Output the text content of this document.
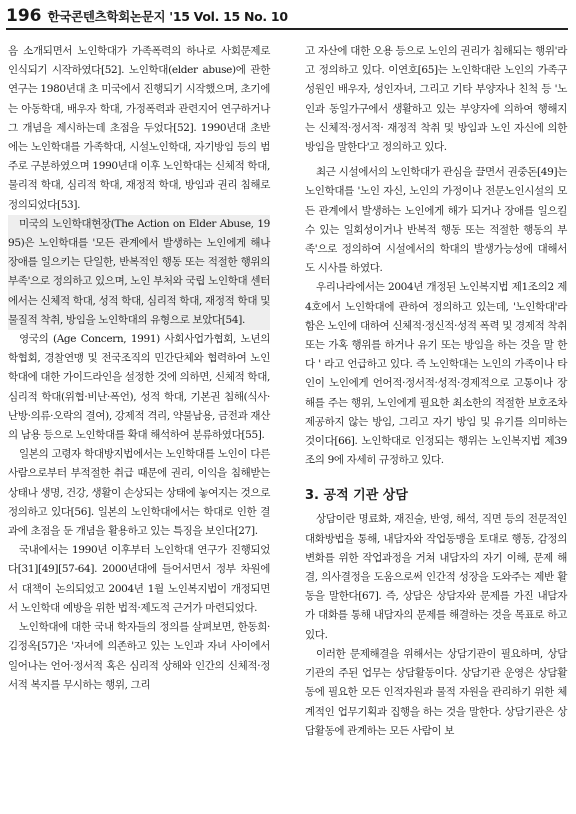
196 한국콘텐츠학회논문지 '15 Vol. 15 No. 10

음 소개되면서 노인학대가 가족폭력의 하나로 사회문제로 인식되기 시작하였다[52]. 노인학대(elder abuse)에 관한 연구는 1980년대 초 미국에서 진행되기 시작했으며, 초기에는 아동학대, 배우자 학대, 가정폭력과 관련지어 연구하거나 그 개념을 제시하는데 초점을 두었다[52]. 1990년대 초반에는 노인학대를 가족학대, 시설노인학대, 자기방임 등의 범주로 구분하였으며 1990년대 이후 노인학대는 신체적 학대, 물리적 학대, 심리적 학대, 재정적 학대, 방임과 권리 침해로 정의되었다[53].

미국의 노인학대현장(The Action on Elder Abuse, 1995)은 노인학대를 '모든 관계에서 발생하는 노인에게 해나 장애를 일으키는 단일한, 반복적인 행동 또는 적절한 행위의 부족'으로 정의하고 있으며, 노인 부처와 국립 노인학대 센터에서는 신체적 학대, 성적 학대, 심리적 학대, 재정적 학대 및 물질적 착취, 방임을 노인학대의 유형으로 보았다[54].

영국의 (Age Concern, 1991) 사회사업가협회, 노년의학협회, 경찰연맹 및 전국조직의 민간단체와 협력하여 노인학대에 대한 가이드라인을 설정한 것에 의하면, 신체적 학대, 심리적 학대(위협·비난·폭언), 성적 학대, 기본권 침해(식사·난방·의류·오락의 결여), 강제적 격리, 약물남용, 금전과 재산의 남용 등으로 노인학대를 확대 해석하여 분류하였다[55].

일본의 고령자 학대방지법에서는 노인학대를 노인이 다른 사람으로부터 부적절한 취급 때문에 권리, 이익을 침해받는 상태나 생명, 건강, 생활이 손상되는 상태에 놓여지는 것으로 정의하고 있다[56]. 일본의 노인학대에서는 학대로 인한 결과에 초점을 둔 개념을 활용하고 있는 특징을 보인다[27].

국내에서는 1990년 이후부터 노인학대 연구가 진행되었다[31][49][57-64]. 2000년대에 들어서면서 정부 차원에서 대책이 논의되었고 2004년 1월 노인복지법이 개정되면서 노인학대 예방을 위한 법적·제도적 근거가 마련되었다.

노인학대에 대한 국내 학자들의 정의를 살펴보면, 한동희·김정옥[57]은 '자녀에 의존하고 있는 노인과 자녀 사이에서 일어나는 언어·정서적 혹은 심리적 상해와 인간의 신체적·정서적 복지를 무시하는 행위, 그리

고 자산에 대한 오용 등으로 노인의 권리가 침해되는 행위'라고 정의하고 있다. 이연호[65]는 노인학대란 노인의 가족구성원인 배우자, 성인자녀, 그리고 기타 부양자나 친척 등 '노인과 동일가구에서 생활하고 있는 부양자에 의하여 행해지는 신체적·정서적· 재정적 착취 및 방임과 노인 자신에 의한 방임을 말한다'고 정의하고 있다.

최근 시설에서의 노인학대가 관심을 끌면서 권중돈[49]는 노인학대를 '노인 자신, 노인의 가정이나 전문노인시설의 모든 관계에서 발생하는 노인에게 해가 되거나 장애를 일으킬 수 있는 일회성이거나 반복적 행동 또는 적절한 행동의 부족'으로 정의하여 시설에서의 학대의 발생가능성에 대해서도 시사를 하였다.

우리나라에서는 2004년 개정된 노인복지법 제1조의2 제4호에서 노인학대에 관하여 정의하고 있는데, '노인학대'라 함은 노인에 대하여 신체적·정신적·성적 폭력 및 경제적 착취 또는 가혹 행위를 하거나 유기 또는 방임을 하는 것을 말 한다 ' 라고 언급하고 있다. 즉 노인학대는 노인의 가족이나 타인이 노인에게 언어적·정서적·성적·경제적으로 고통이나 장해를 주는 행위, 노인에게 필요한 최소한의 적절한 보호조차 제공하지 않는 방임, 그리고 자기 방임 및 유기를 의미하는 것이다[66]. 노인학대로 인정되는 행위는 노인복지법 제39조의 9에 자세히 규정하고 있다.

3. 공적 기관 상담

상담이란 명료화, 재진술, 반영, 해석, 직면 등의 전문적인 대화방법을 통해, 내담자와 작업동맹을 토대로 행동, 감정의 변화를 위한 작업과정을 거쳐 내담자의 자기 이해, 문제 해결, 의사결정을 도움으로써 인간적 성장을 도와주는 제반 활동을 말한다[67]. 즉, 상담은 상담자와 문제를 가진 내담자가 대화를 통해 내담자의 문제를 해결하는 것을 목표로 하고 있다.

이러한 문제해결을 위해서는 상담기관이 필요하며, 상담기관의 주된 업무는 상담활동이다. 상담기관 운영은 상담활동에 필요한 모든 인적자원과 물적 자원을 관리하기 위한 체계적인 업무기획과 집행을 하는 것을 말한다. 상담기관은 상담활동에 관계하는 모든 사람이 보
